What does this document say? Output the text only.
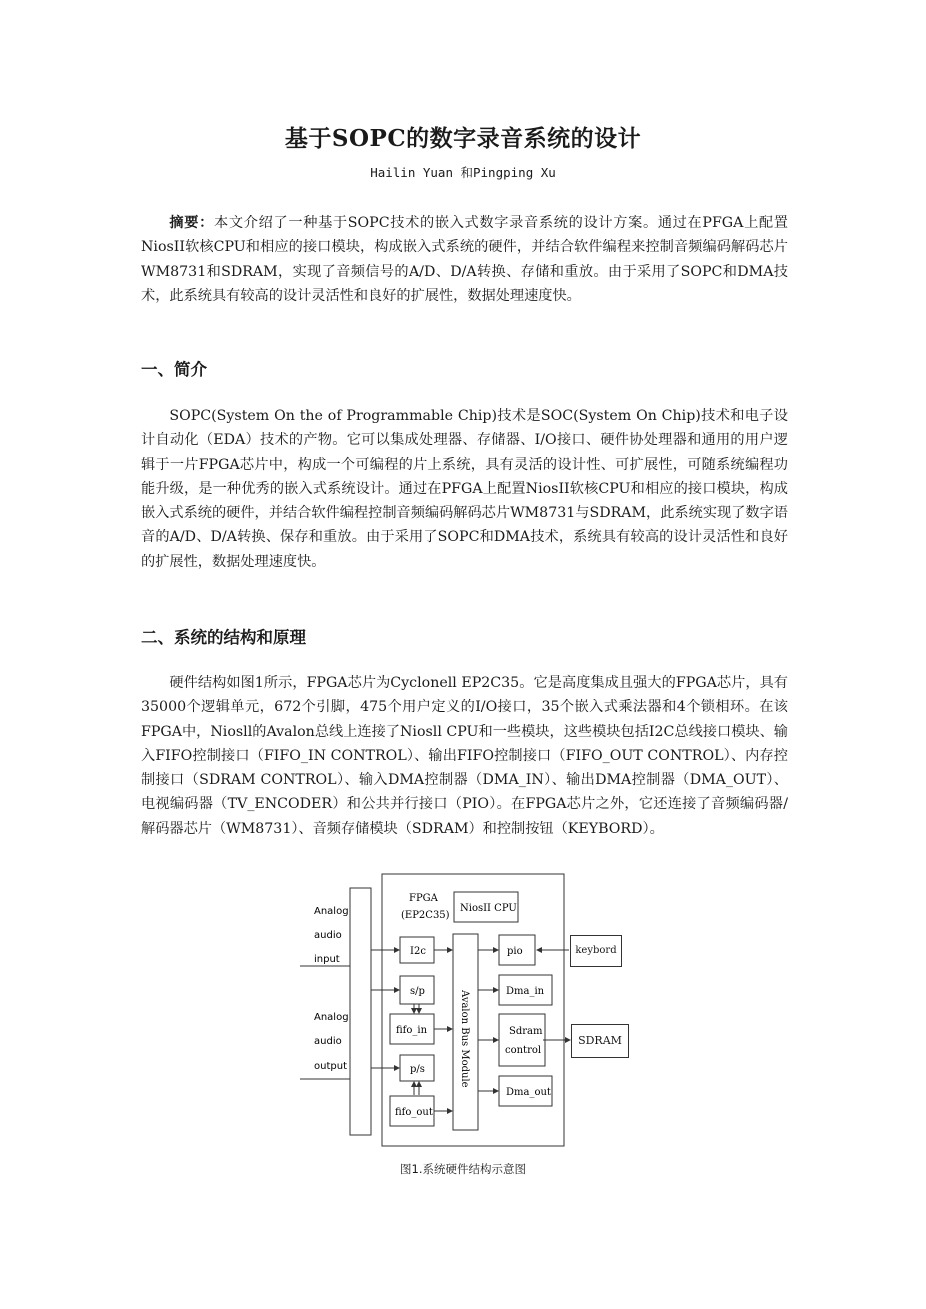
基于SOPC的数字录音系统的设计
Hailin Yuan 和Pingping Xu

摘要：本文介绍了一种基于SOPC技术的嵌入式数字录音系统的设计方案。通过在PFGA上配置NiosII软核CPU和相应的接口模块，构成嵌入式系统的硬件，并结合软件编程来控制音频编码解码芯片WM8731和SDRAM，实现了音频信号的A/D、D/A转换、存储和重放。由于采用了SOPC和DMA技术，此系统具有较高的设计灵活性和良好的扩展性，数据处理速度快。

一、简介

SOPC(System On the of Programmable Chip)技术是SOC(System On Chip)技术和电子设计自动化（EDA）技术的产物。它可以集成处理器、存储器、I/O接口、硬件协处理器和通用的用户逻辑于一片FPGA芯片中，构成一个可编程的片上系统，具有灵活的设计性、可扩展性，可随系统编程功能升级，是一种优秀的嵌入式系统设计。通过在PFGA上配置NiosII软核CPU和相应的接口模块，构成嵌入式系统的硬件，并结合软件编程控制音频编码解码芯片WM8731与SDRAM，此系统实现了数字语音的A/D、D/A转换、保存和重放。由于采用了SOPC和DMA技术，系统具有较高的设计灵活性和良好的扩展性，数据处理速度快。

二、系统的结构和原理

硬件结构如图1所示，FPGA芯片为Cyclonell EP2C35。它是高度集成且强大的FPGA芯片，具有35000个逻辑单元，672个引脚，475个用户定义的I/O接口，35个嵌入式乘法器和4个锁相环。在该FPGA中，Niosll的Avalon总线上连接了Niosll CPU和一些模块，这些模块包括I2C总线接口模块、输入FIFO控制接口（FIFO_IN CONTROL）、输出FIFO控制接口（FIFO_OUT CONTROL）、内存控制接口（SDRAM CONTROL）、输入DMA控制器（DMA_IN）、输出DMA控制器（DMA_OUT）、电视编码器（TV_ENCODER）和公共并行接口（PIO）。在FPGA芯片之外，它还连接了音频编码器/解码器芯片（WM8731）、音频存储模块（SDRAM）和控制按钮（KEYBORD）。

Analog
audio
input
Analog
audio
output
FPGA
(EP2C35)
NiosII CPU
Avalon Bus Module
I2c
s/p
fifo_in
p/s
fifo_out
pio
Dma_in
Sdram
control
Dma_out
keybord
SDRAM
图1.系统硬件结构示意图
